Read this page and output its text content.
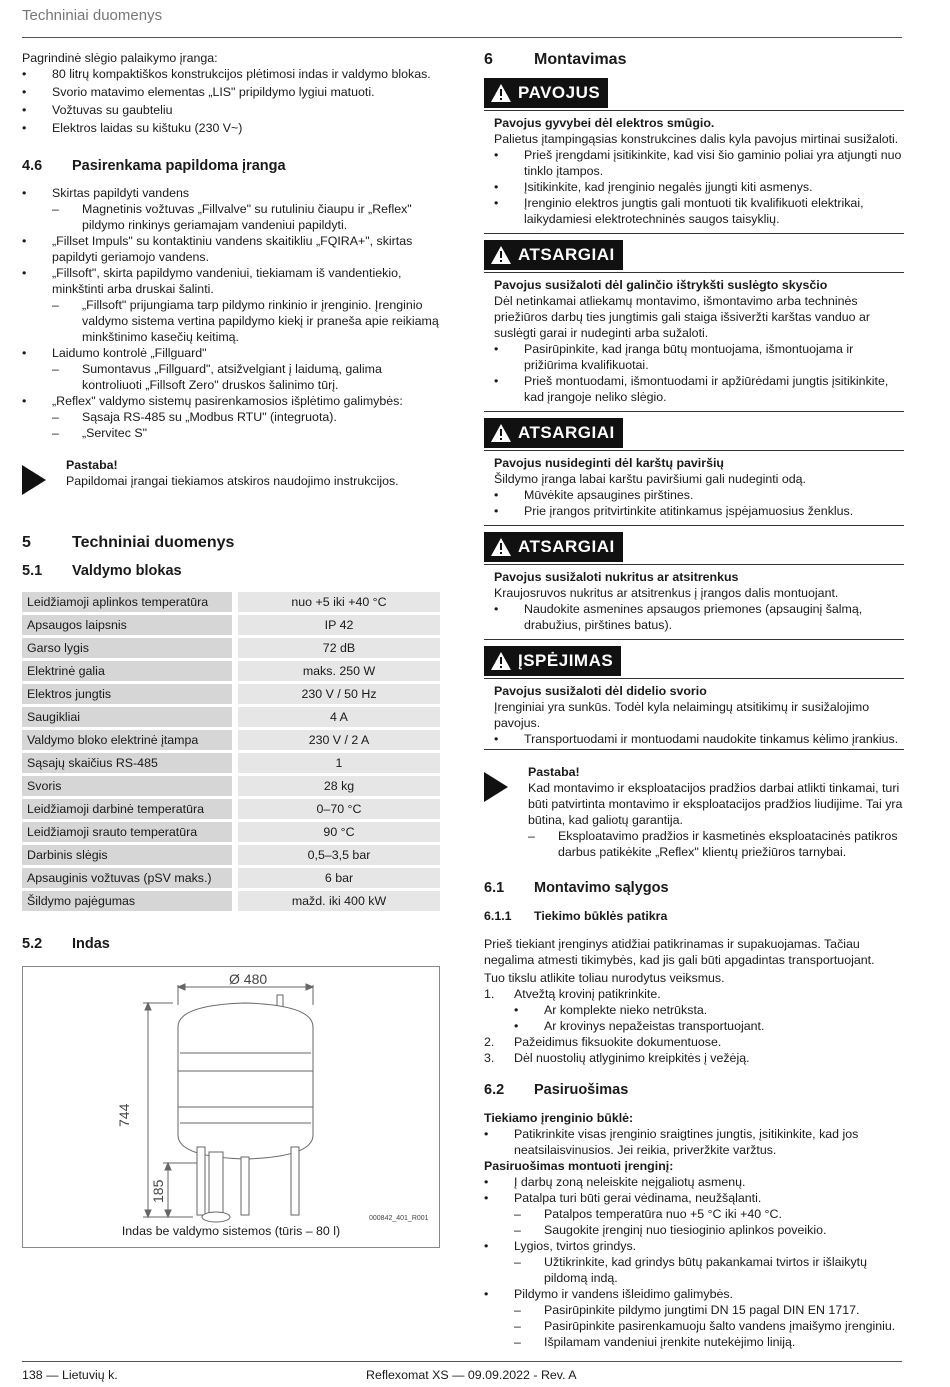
Techniniai duomenys

Pagrindinė slėgio palaikymo įranga:

• 80 litrų kompaktiškos konstrukcijos plėtimosi indas ir valdymo blokas.
• Svorio matavimo elementas „LIS" pripildymo lygiui matuoti.
• Vožtuvas su gaubteliu
• Elektros laidas su kištuku (230 V~)
4.6	Pasirenkama papildoma įranga
• Skirtas papildyti vandens
– Magnetinis vožtuvas „Fillvalve" su rutuliniu čiaupu ir „Reflex" pildymo rinkinys geriamajam vandeniui papildyti.
• „Fillset Impuls" su kontaktiniu vandens skaitikliu „FQIRA+", skirtas papildyti geriamojo vandens.
• „Fillsoft", skirta papildymo vandeniui, tiekiamam iš vandentiekio, minkštinti arba druskai šalinti.
– „Fillsoft" prijungiama tarp pildymo rinkinio ir įrenginio. Įrenginio valdymo sistema vertina papildymo kiekį ir praneša apie reikiamą minkštinimo kasečių keitimą.
• Laidumo kontrolė „Fillguard"
– Sumontavus „Fillguard", atsižvelgiant į laidumą, galima kontroliuoti „Fillsoft Zero" druskos šalinimo tūrį.
• „Reflex" valdymo sistemų pasirenkamosios išplėtimo galimybės:
– Sąsaja RS-485 su „Modbus RTU" (integruota).
– „Servitec S"

Pastaba!

Papildomai įrangai tiekiamos atskiros naudojimo instrukcijos.

5	Techniniai duomenys
5.1	Valdymo blokas
Leidžiamoji aplinkos temperatūra	nuo +5 iki +40 °C
Apsaugos laipsnis	IP 42
Garso lygis	72 dB
Elektrinė galia	maks. 250 W
Elektros jungtis	230 V / 50 Hz
Saugikliai	4 A
Valdymo bloko elektrinė įtampa	230 V / 2 A
Sąsajų skaičius RS-485	1
Svoris	28 kg
Leidžiamoji darbinė temperatūra	0–70 °C
Leidžiamoji srauto temperatūra	90 °C
Darbinis slėgis	0,5–3,5 bar
Apsauginis vožtuvas (pSV maks.)	6 bar
Šildymo pajėgumas	mažd. iki 400 kW
5.2	Indas
Ø 480
744
185
000842_401_R001
Indas be valdymo sistemos (tūris – 80 l)
6	Montavimas
PAVOJUS

Pavojus gyvybei dėl elektros smūgio.

Palietus įtampingąsias konstrukcines dalis kyla pavojus mirtinai susižaloti.

• Prieš įrengdami įsitikinkite, kad visi šio gaminio poliai yra atjungti nuo tinklo įtampos.
• Įsitikinkite, kad įrenginio negalės įjungti kiti asmenys.
• Įrenginio elektros jungtis gali montuoti tik kvalifikuoti elektrikai, laikydamiesi elektrotechninės saugos taisyklių.
ATSARGIAI

Pavojus susižaloti dėl galinčio ištrykšti suslėgto skysčio

Dėl netinkamai atliekamų montavimo, išmontavimo arba techninės priežiūros darbų ties jungtimis gali staiga išsiveržti karštas vanduo ar suslėgti garai ir nudeginti arba sužaloti.

• Pasirūpinkite, kad įranga būtų montuojama, išmontuojama ir prižiūrima kvalifikuotai.
• Prieš montuodami, išmontuodami ir apžiūrėdami jungtis įsitikinkite, kad įrangoje neliko slėgio.
ATSARGIAI

Pavojus nusideginti dėl karštų paviršių

Šildymo įranga labai karštu paviršiumi gali nudeginti odą.

• Mūvėkite apsaugines pirštines.
• Prie įrangos pritvirtinkite atitinkamus įspėjamuosius ženklus.
ATSARGIAI

Pavojus susižaloti nukritus ar atsitrenkus

Kraujosruvos nukritus ar atsitrenkus į įrangos dalis montuojant.

• Naudokite asmenines apsaugos priemones (apsauginį šalmą, drabužius, pirštines batus).
ĮSPĖJIMAS

Pavojus susižaloti dėl didelio svorio

Įrenginiai yra sunkūs. Todėl kyla nelaimingų atsitikimų ir susižalojimo pavojus.

• Transportuodami ir montuodami naudokite tinkamus kėlimo įrankius.

Pastaba!

Kad montavimo ir eksploatacijos pradžios darbai atlikti tinkamai, turi būti patvirtinta montavimo ir eksploatacijos pradžios liudijime. Tai yra būtina, kad galiotų garantija.

– Eksploatavimo pradžios ir kasmetinės eksploatacinės patikros darbus patikėkite „Reflex" klientų priežiūros tarnybai.
6.1	Montavimo sąlygos
6.1.1	Tiekimo būklės patikra

Prieš tiekiant įrenginys atidžiai patikrinamas ir supakuojamas. Tačiau negalima atmesti tikimybės, kad jis gali būti apgadintas transportuojant.

Tuo tikslu atlikite toliau nurodytus veiksmus.

1. Atvežtą krovinį patikrinkite.
• Ar komplekte nieko netrūksta.
• Ar krovinys nepažeistas transportuojant.
2. Pažeidimus fiksuokite dokumentuose.
3. Dėl nuostolių atlyginimo kreipkitės į vežėją.
6.2	Pasiruošimas

Tiekiamo įrenginio būklė:

• Patikrinkite visas įrenginio sraigtines jungtis, įsitikinkite, kad jos neatsilaisvinusios. Jei reikia, priveržkite varžtus.

Pasiruošimas montuoti įrenginį:

• Į darbų zoną neleiskite neįgaliotų asmenų.
• Patalpa turi būti gerai vėdinama, neužšąlanti.
– Patalpos temperatūra nuo +5 °C iki +40 °C.
– Saugokite įrenginį nuo tiesioginio aplinkos poveikio.
• Lygios, tvirtos grindys.
– Užtikrinkite, kad grindys būtų pakankamai tvirtos ir išlaikytų pildomą indą.
• Pildymo ir vandens išleidimo galimybės.
– Pasirūpinkite pildymo jungtimi DN 15 pagal DIN EN 1717.
– Pasirūpinkite pasirenkamuoju šalto vandens įmaišymo įrenginiu.
– Išpilamam vandeniui įrenkite nutekėjimo liniją.
138 — Lietuvių k.	Reflexomat XS — 09.09.2022 - Rev. A
